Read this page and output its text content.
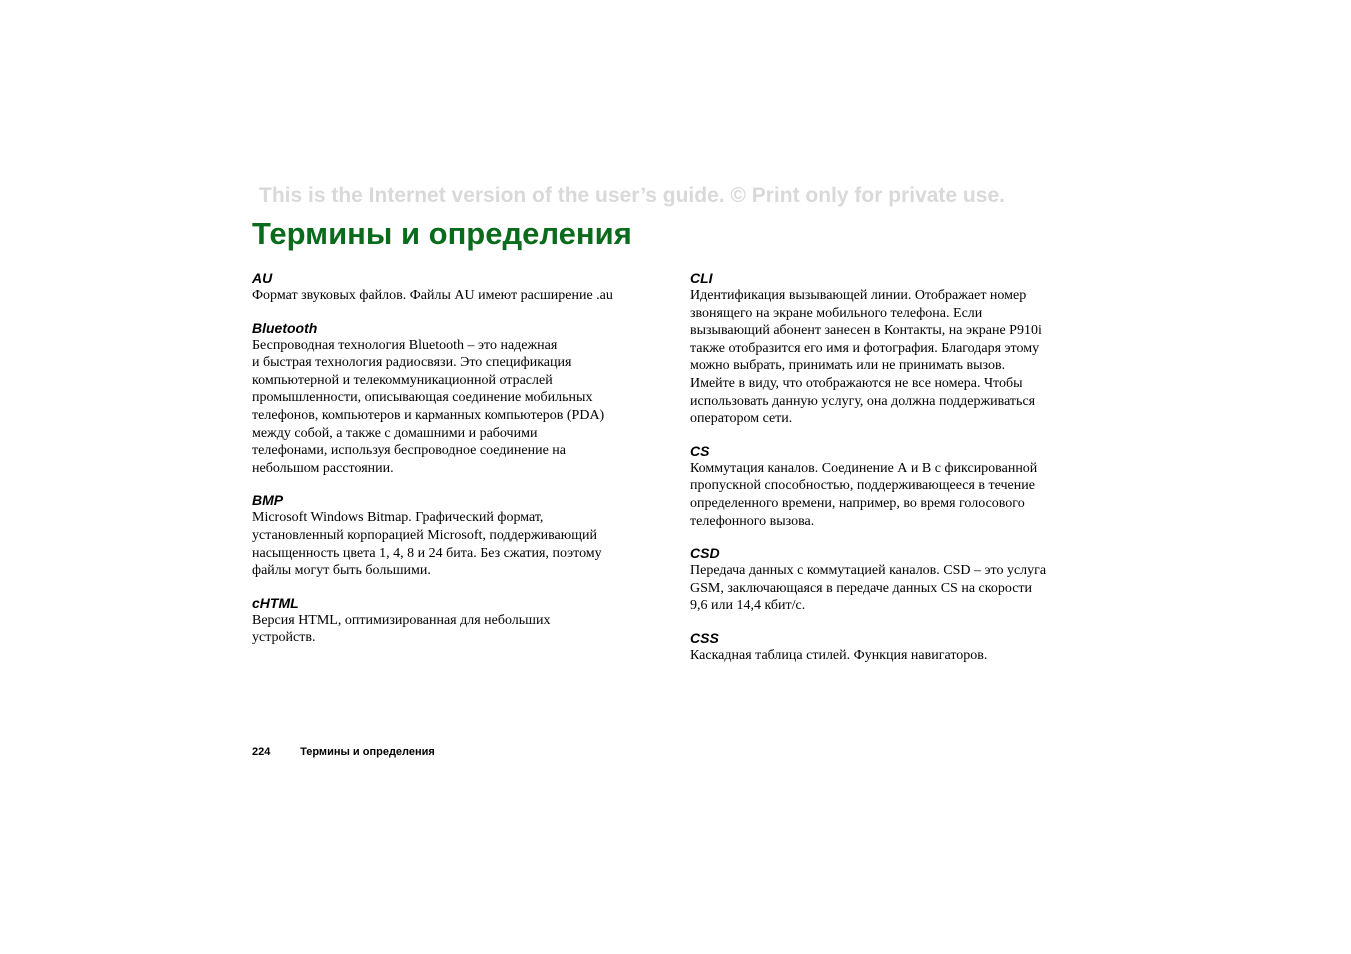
This is the Internet version of the user’s guide. © Print only for private use.
Термины и определения

AU

Формат звуковых файлов. Файлы AU имеют расширение .au

Bluetooth

Беспроводная технология Bluetooth – это надежная
и быстрая технология радиосвязи. Это спецификация
компьютерной и телекоммуникационной отраслей
промышленности, описывающая соединение мобильных
телефонов, компьютеров и карманных компьютеров (PDA)
между собой, а также с домашними и рабочими
телефонами, используя беспроводное соединение на
небольшом расстоянии.

BMP

Microsoft Windows Bitmap. Графический формат,
установленный корпорацией Microsoft, поддерживающий
насыщенность цвета 1, 4, 8 и 24 бита. Без сжатия, поэтому
файлы могут быть большими.

cHTML

Версия HTML, оптимизированная для небольших
устройств.

CLI

Идентификация вызывающей линии. Отображает номер
звонящего на экране мобильного телефона. Если
вызывающий абонент занесен в Контакты, на экране P910i
также отобразится его имя и фотография. Благодаря этому
можно выбрать, принимать или не принимать вызов.
Имейте в виду, что отображаются не все номера. Чтобы
использовать данную услугу, она должна поддерживаться
оператором сети.

CS

Коммутация каналов. Соединение А и В с фиксированной
пропускной способностью, поддерживающееся в течение
определенного времени, например, во время голосового
телефонного вызова.

CSD

Передача данных с коммутацией каналов. CSD – это услуга
GSM, заключающаяся в передаче данных CS на скорости
9,6 или 14,4 кбит/с.

CSS

Каскадная таблица стилей. Функция навигаторов.

224	Термины и определения
